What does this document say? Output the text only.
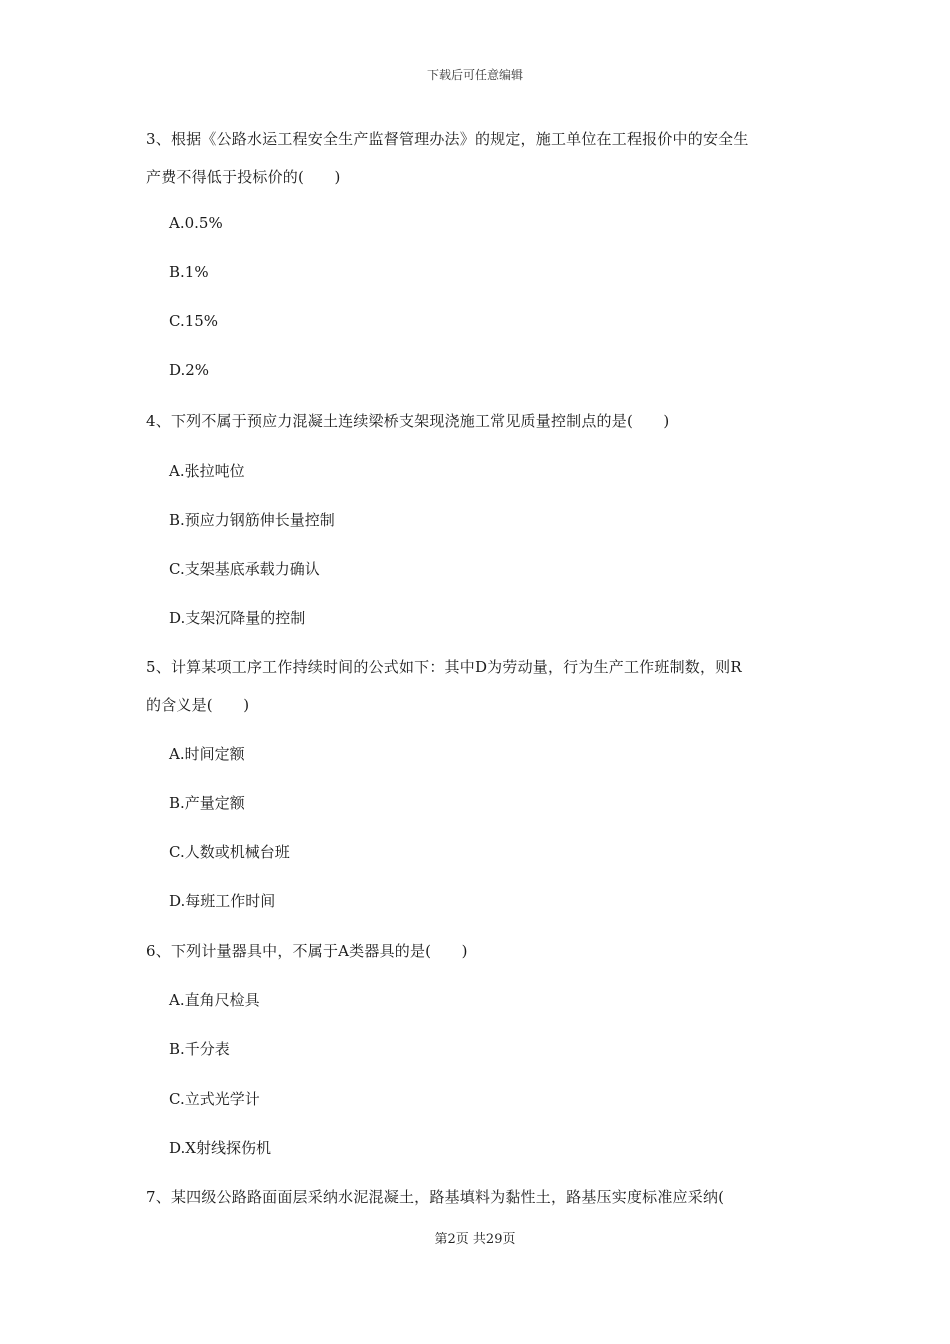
下载后可任意编辑
3、根据《公路水运工程安全生产监督管理办法》的规定，施工单位在工程报价中的安全生
产费不得低于投标价的(　　)
A.0.5%
B.1%
C.15%
D.2%
4、下列不属于预应力混凝土连续梁桥支架现浇施工常见质量控制点的是(　　)
A.张拉吨位
B.预应力钢筋伸长量控制
C.支架基底承载力确认
D.支架沉降量的控制
5、计算某项工序工作持续时间的公式如下：其中D为劳动量，行为生产工作班制数，则R
的含义是(　　)
A.时间定额
B.产量定额
C.人数或机械台班
D.每班工作时间
6、下列计量器具中，不属于A类器具的是(　　)
A.直角尺检具
B.千分表
C.立式光学计
D.X射线探伤机
7、某四级公路路面面层采纳水泥混凝土，路基填料为黏性土，路基压实度标准应采纳(
第2页 共29页
